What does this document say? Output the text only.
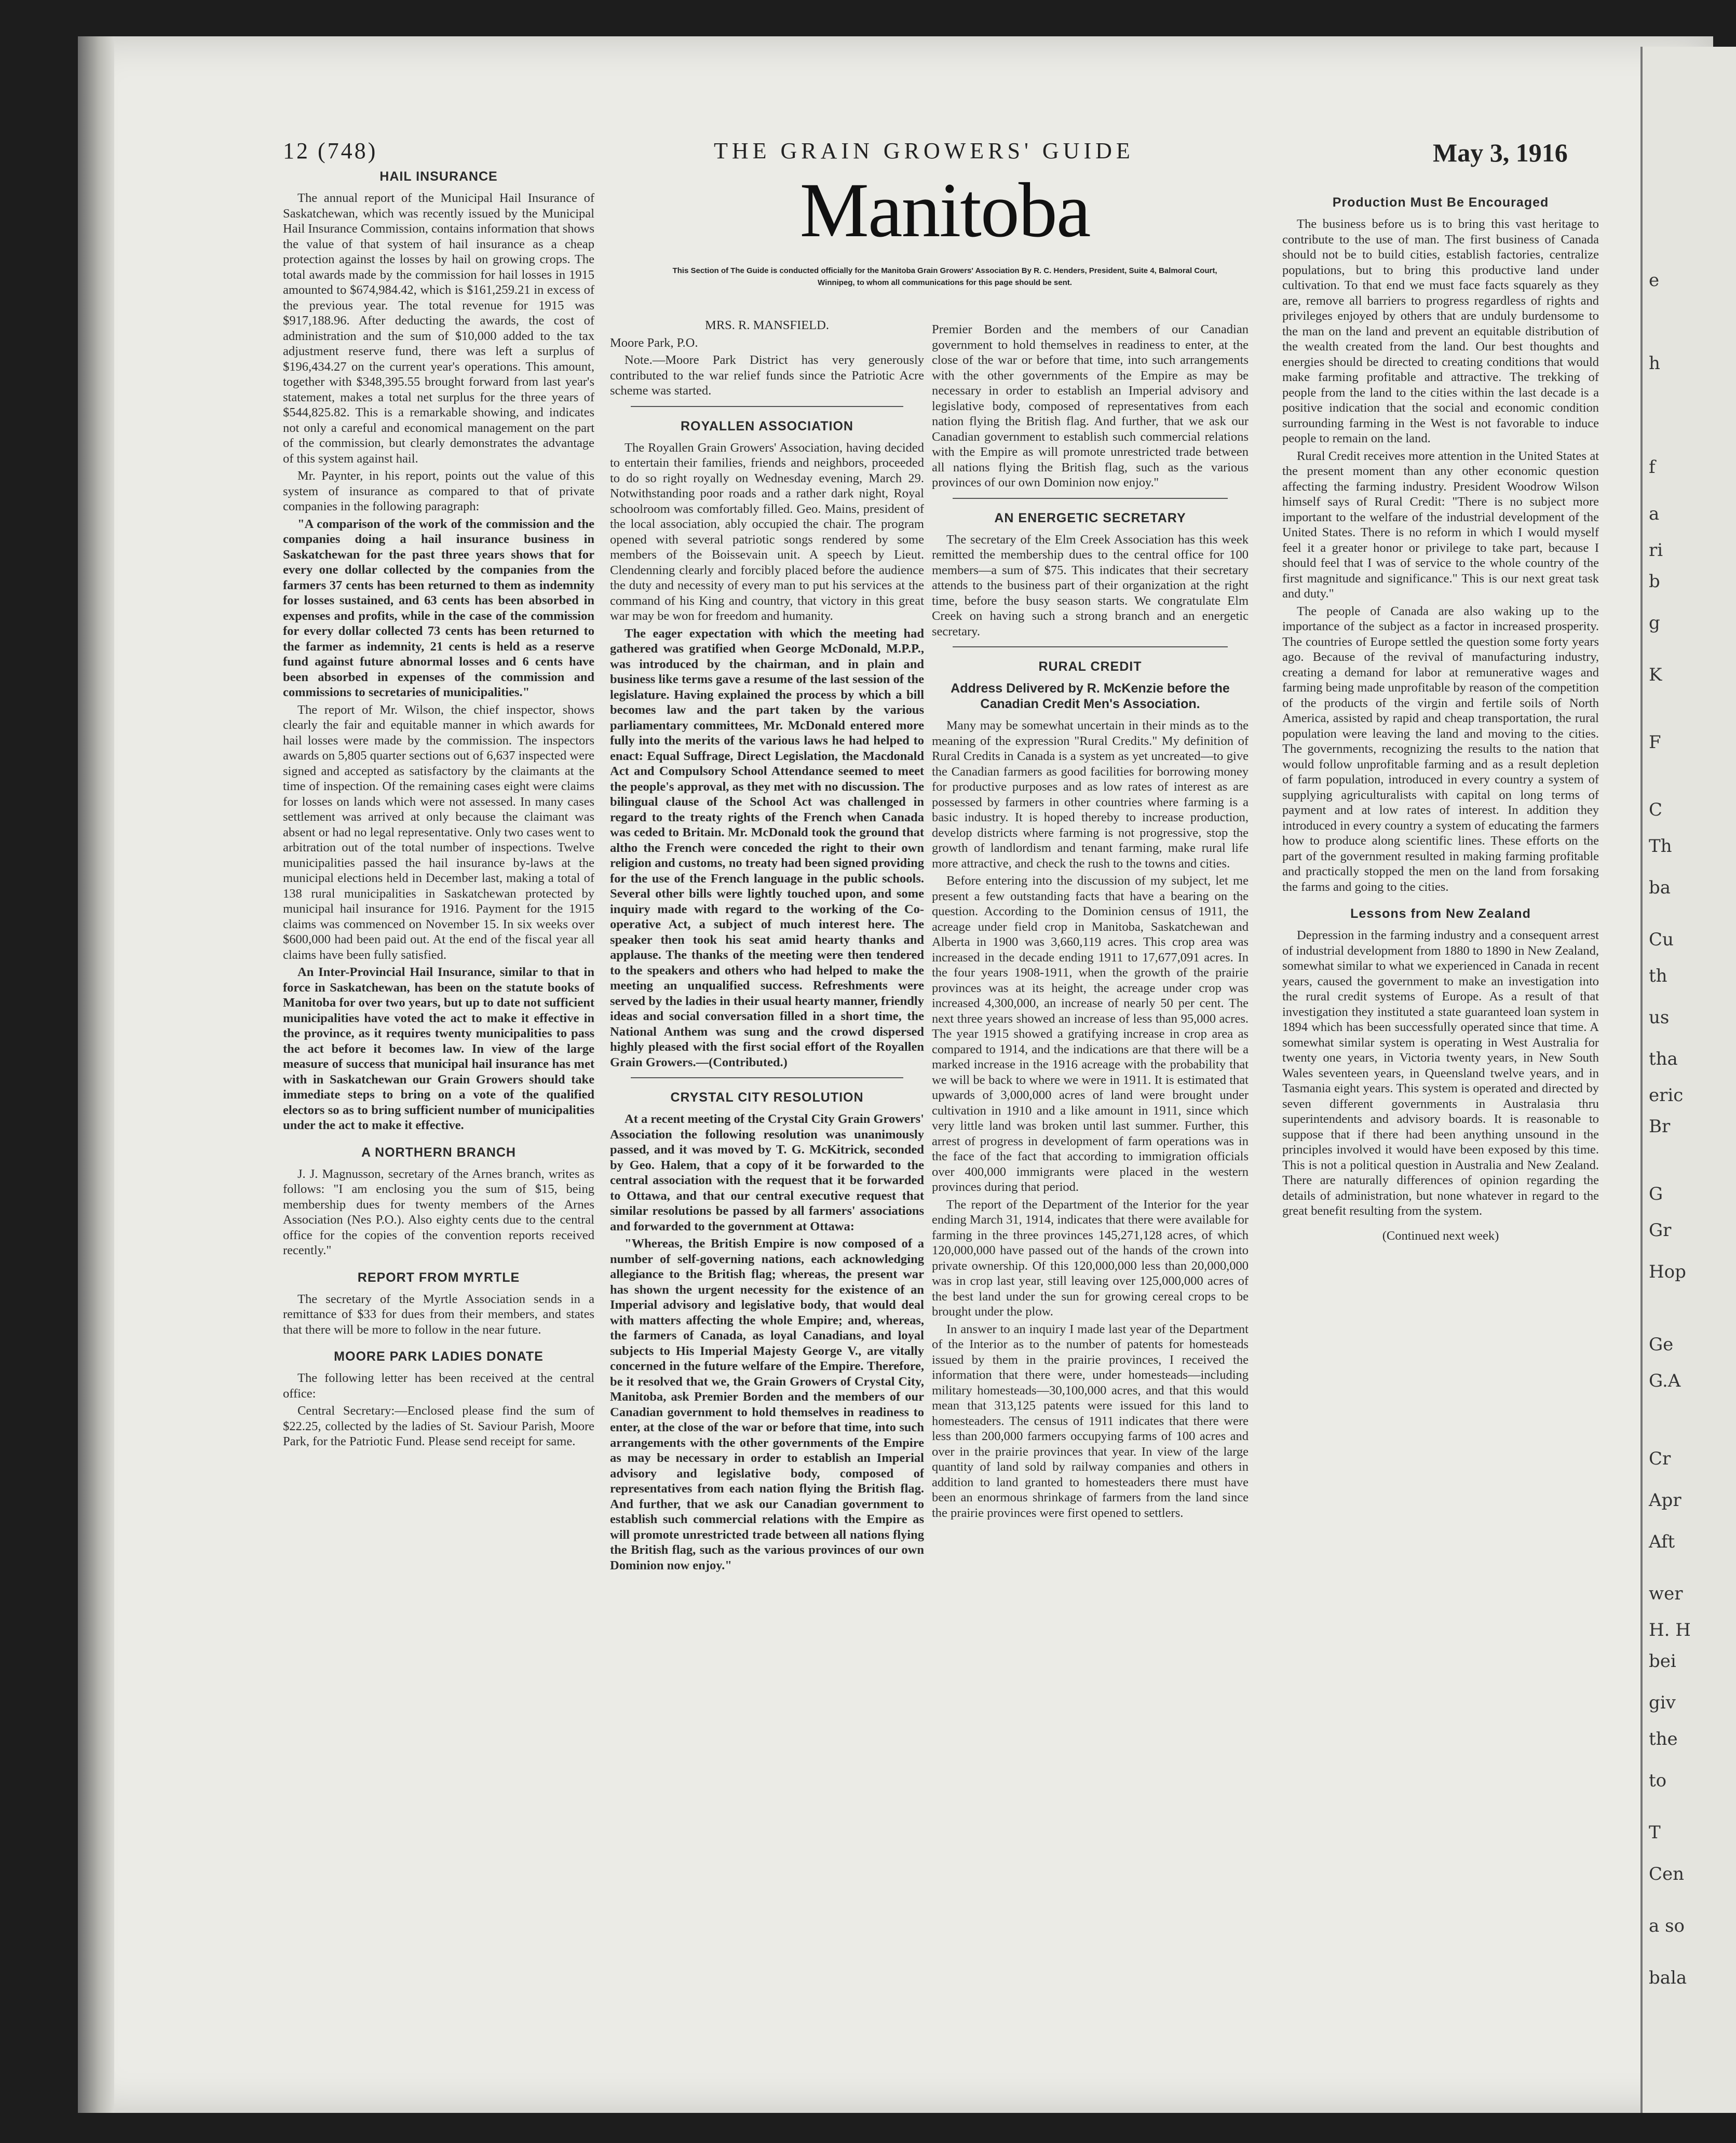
e
h
f
a
ri
b
g
K
F
C
Th
ba
Cu
th
us
tha
eric
Br
G
Gr
Hop
Ge
G.A
Cr
Apr
Aft
wer
H. H
bei
giv
the
to
T
Cen
a so
bala
12 (748)	THE GRAIN GROWERS' GUIDE	May 3, 1916
Manitoba
This Section of The Guide is conducted officially for the Manitoba Grain Growers' Association By R. C. Henders, President, Suite 4, Balmoral Court, Winnipeg, to whom all communications for this page should be sent.
HAIL INSURANCE

The annual report of the Municipal Hail Insurance of Saskatchewan, which was recently issued by the Municipal Hail Insurance Commission, contains information that shows the value of that system of hail insurance as a cheap protection against the losses by hail on growing crops. The total awards made by the commission for hail losses in 1915 amounted to $674,984.42, which is $161,259.21 in excess of the previous year. The total revenue for 1915 was $917,188.96. After deducting the awards, the cost of administration and the sum of $10,000 added to the tax adjustment reserve fund, there was left a surplus of $196,434.27 on the current year's operations. This amount, together with $348,395.55 brought forward from last year's statement, makes a total net surplus for the three years of $544,825.82. This is a remarkable showing, and indicates not only a careful and economical management on the part of the commission, but clearly demonstrates the advantage of this system against hail.

Mr. Paynter, in his report, points out the value of this system of insurance as compared to that of private companies in the following paragraph:

"A comparison of the work of the commission and the companies doing a hail insurance business in Saskatchewan for the past three years shows that for every one dollar collected by the companies from the farmers 37 cents has been returned to them as indemnity for losses sustained, and 63 cents has been absorbed in expenses and profits, while in the case of the commission for every dollar collected 73 cents has been returned to the farmer as indemnity, 21 cents is held as a reserve fund against future abnormal losses and 6 cents have been absorbed in expenses of the commission and commissions to secretaries of municipalities."

The report of Mr. Wilson, the chief inspector, shows clearly the fair and equitable manner in which awards for hail losses were made by the commission. The inspectors awards on 5,805 quarter sections out of 6,637 inspected were signed and accepted as satisfactory by the claimants at the time of inspection. Of the remaining cases eight were claims for losses on lands which were not assessed. In many cases settlement was arrived at only because the claimant was absent or had no legal representative. Only two cases went to arbitration out of the total number of inspections. Twelve municipalities passed the hail insurance by-laws at the municipal elections held in December last, making a total of 138 rural municipalities in Saskatchewan protected by municipal hail insurance for 1916. Payment for the 1915 claims was commenced on November 15. In six weeks over $600,000 had been paid out. At the end of the fiscal year all claims have been fully satisfied.

An Inter-Provincial Hail Insurance, similar to that in force in Saskatchewan, has been on the statute books of Manitoba for over two years, but up to date not sufficient municipalities have voted the act to make it effective in the province, as it requires twenty municipalities to pass the act before it becomes law. In view of the large measure of success that municipal hail insurance has met with in Saskatchewan our Grain Growers should take immediate steps to bring on a vote of the qualified electors so as to bring sufficient number of municipalities under the act to make it effective.

A NORTHERN BRANCH

J. J. Magnusson, secretary of the Arnes branch, writes as follows: "I am enclosing you the sum of $15, being membership dues for twenty members of the Arnes Association (Nes P.O.). Also eighty cents due to the central office for the copies of the convention reports received recently."

REPORT FROM MYRTLE

The secretary of the Myrtle Association sends in a remittance of $33 for dues from their members, and states that there will be more to follow in the near future.

MOORE PARK LADIES DONATE

The following letter has been received at the central office:

Central Secretary:—Enclosed please find the sum of $22.25, collected by the ladies of St. Saviour Parish, Moore Park, for the Patriotic Fund. Please send receipt for same.

MRS. R. MANSFIELD.

Moore Park, P.O.

Note.—Moore Park District has very generously contributed to the war relief funds since the Patriotic Acre scheme was started.

ROYALLEN ASSOCIATION

The Royallen Grain Growers' Association, having decided to entertain their families, friends and neighbors, proceeded to do so right royally on Wednesday evening, March 29. Notwithstanding poor roads and a rather dark night, Royal schoolroom was comfortably filled. Geo. Mains, president of the local association, ably occupied the chair. The program opened with several patriotic songs rendered by some members of the Boissevain unit. A speech by Lieut. Clendenning clearly and forcibly placed before the audience the duty and necessity of every man to put his services at the command of his King and country, that victory in this great war may be won for freedom and humanity.

The eager expectation with which the meeting had gathered was gratified when George McDonald, M.P.P., was introduced by the chairman, and in plain and business like terms gave a resume of the last session of the legislature. Having explained the process by which a bill becomes law and the part taken by the various parliamentary committees, Mr. McDonald entered more fully into the merits of the various laws he had helped to enact: Equal Suffrage, Direct Legislation, the Macdonald Act and Compulsory School Attendance seemed to meet the people's approval, as they met with no discussion. The bilingual clause of the School Act was challenged in regard to the treaty rights of the French when Canada was ceded to Britain. Mr. McDonald took the ground that altho the French were conceded the right to their own religion and customs, no treaty had been signed providing for the use of the French language in the public schools. Several other bills were lightly touched upon, and some inquiry made with regard to the working of the Co-operative Act, a subject of much interest here. The speaker then took his seat amid hearty thanks and applause. The thanks of the meeting were then tendered to the speakers and others who had helped to make the meeting an unqualified success. Refreshments were served by the ladies in their usual hearty manner, friendly ideas and social conversation filled in a short time, the National Anthem was sung and the crowd dispersed highly pleased with the first social effort of the Royallen Grain Growers.—(Contributed.)

CRYSTAL CITY RESOLUTION

At a recent meeting of the Crystal City Grain Growers' Association the following resolution was unanimously passed, and it was moved by T. G. McKitrick, seconded by Geo. Halem, that a copy of it be forwarded to the central association with the request that it be forwarded to Ottawa, and that our central executive request that similar resolutions be passed by all farmers' associations and forwarded to the government at Ottawa:

"Whereas, the British Empire is now composed of a number of self-governing nations, each acknowledging allegiance to the British flag; whereas, the present war has shown the urgent necessity for the existence of an Imperial advisory and legislative body, that would deal with matters affecting the whole Empire; and, whereas, the farmers of Canada, as loyal Canadians, and loyal subjects to His Imperial Majesty George V., are vitally concerned in the future welfare of the Empire. Therefore, be it resolved that we, the Grain Growers of Crystal City, Manitoba, ask Premier Borden and the members of our Canadian government to hold themselves in readiness to enter, at the close of the war or before that time, into such arrangements with the other governments of the Empire as may be necessary in order to establish an Imperial advisory and legislative body, composed of representatives from each nation flying the British flag. And further, that we ask our Canadian government to establish such commercial relations with the Empire as will promote unrestricted trade between all nations flying the British flag, such as the various provinces of our own Dominion now enjoy."

Premier Borden and the members of our Canadian government to hold themselves in readiness to enter, at the close of the war or before that time, into such arrangements with the other governments of the Empire as may be necessary in order to establish an Imperial advisory and legislative body, composed of representatives from each nation flying the British flag. And further, that we ask our Canadian government to establish such commercial relations with the Empire as will promote unrestricted trade between all nations flying the British flag, such as the various provinces of our own Dominion now enjoy.''

AN ENERGETIC SECRETARY

The secretary of the Elm Creek Association has this week remitted the membership dues to the central office for 100 members—a sum of $75. This indicates that their secretary attends to the business part of their organization at the right time, before the busy season starts. We congratulate Elm Creek on having such a strong branch and an energetic secretary.

RURAL CREDIT
Address Delivered by R. McKenzie before the Canadian Credit Men's Association.

Many may be somewhat uncertain in their minds as to the meaning of the expression "Rural Credits." My definition of Rural Credits in Canada is a system as yet uncreated—to give the Canadian farmers as good facilities for borrowing money for productive purposes and as low rates of interest as are possessed by farmers in other countries where farming is a basic industry. It is hoped thereby to increase production, develop districts where farming is not progressive, stop the growth of landlordism and tenant farming, make rural life more attractive, and check the rush to the towns and cities.

Before entering into the discussion of my subject, let me present a few outstanding facts that have a bearing on the question. According to the Dominion census of 1911, the acreage under field crop in Manitoba, Saskatchewan and Alberta in 1900 was 3,660,119 acres. This crop area was increased in the decade ending 1911 to 17,677,091 acres. In the four years 1908-1911, when the growth of the prairie provinces was at its height, the acreage under crop was increased 4,300,000, an increase of nearly 50 per cent. The next three years showed an increase of less than 95,000 acres. The year 1915 showed a gratifying increase in crop area as compared to 1914, and the indications are that there will be a marked increase in the 1916 acreage with the probability that we will be back to where we were in 1911. It is estimated that upwards of 3,000,000 acres of land were brought under cultivation in 1910 and a like amount in 1911, since which very little land was broken until last summer. Further, this arrest of progress in development of farm operations was in the face of the fact that according to immigration officials over 400,000 immigrants were placed in the western provinces during that period.

The report of the Department of the Interior for the year ending March 31, 1914, indicates that there were available for farming in the three provinces 145,271,128 acres, of which 120,000,000 have passed out of the hands of the crown into private ownership. Of this 120,000,000 less than 20,000,000 was in crop last year, still leaving over 125,000,000 acres of the best land under the sun for growing cereal crops to be brought under the plow.

In answer to an inquiry I made last year of the Department of the Interior as to the number of patents for homesteads issued by them in the prairie provinces, I received the information that there were, under homesteads—including military homesteads—30,100,000 acres, and that this would mean that 313,125 patents were issued for this land to homesteaders. The census of 1911 indicates that there were less than 200,000 farmers occupying farms of 100 acres and over in the prairie provinces that year. In view of the large quantity of land sold by railway companies and others in addition to land granted to homesteaders there must have been an enormous shrinkage of farmers from the land since the prairie provinces were first opened to settlers.

Production Must Be Encouraged

The business before us is to bring this vast heritage to contribute to the use of man. The first business of Canada should not be to build cities, establish factories, centralize populations, but to bring this productive land under cultivation. To that end we must face facts squarely as they are, remove all barriers to progress regardless of rights and privileges enjoyed by others that are unduly burdensome to the man on the land and prevent an equitable distribution of the wealth created from the land. Our best thoughts and energies should be directed to creating conditions that would make farming profitable and attractive. The trekking of people from the land to the cities within the last decade is a positive indication that the social and economic condition surrounding farming in the West is not favorable to induce people to remain on the land.

Rural Credit receives more attention in the United States at the present moment than any other economic question affecting the farming industry. President Woodrow Wilson himself says of Rural Credit: "There is no subject more important to the welfare of the industrial development of the United States. There is no reform in which I would myself feel it a greater honor or privilege to take part, because I should feel that I was of service to the whole country of the first magnitude and significance." This is our next great task and duty."

The people of Canada are also waking up to the importance of the subject as a factor in increased prosperity. The countries of Europe settled the question some forty years ago. Because of the revival of manufacturing industry, creating a demand for labor at remunerative wages and farming being made unprofitable by reason of the competition of the products of the virgin and fertile soils of North America, assisted by rapid and cheap transportation, the rural population were leaving the land and moving to the cities. The governments, recognizing the results to the nation that would follow unprofitable farming and as a result depletion of farm population, introduced in every country a system of supplying agriculturalists with capital on long terms of payment and at low rates of interest. In addition they introduced in every country a system of educating the farmers how to produce along scientific lines. These efforts on the part of the government resulted in making farming profitable and practically stopped the men on the land from forsaking the farms and going to the cities.

Lessons from New Zealand

Depression in the farming industry and a consequent arrest of industrial development from 1880 to 1890 in New Zealand, somewhat similar to what we experienced in Canada in recent years, caused the government to make an investigation into the rural credit systems of Europe. As a result of that investigation they instituted a state guaranteed loan system in 1894 which has been successfully operated since that time. A somewhat similar system is operating in West Australia for twenty one years, in Victoria twenty years, in New South Wales seventeen years, in Queensland twelve years, and in Tasmania eight years. This system is operated and directed by seven different governments in Australasia thru superintendents and advisory boards. It is reasonable to suppose that if there had been anything unsound in the principles involved it would have been exposed by this time. This is not a political question in Australia and New Zealand. There are naturally differences of opinion regarding the details of administration, but none whatever in regard to the great benefit resulting from the system.

(Continued next week)
